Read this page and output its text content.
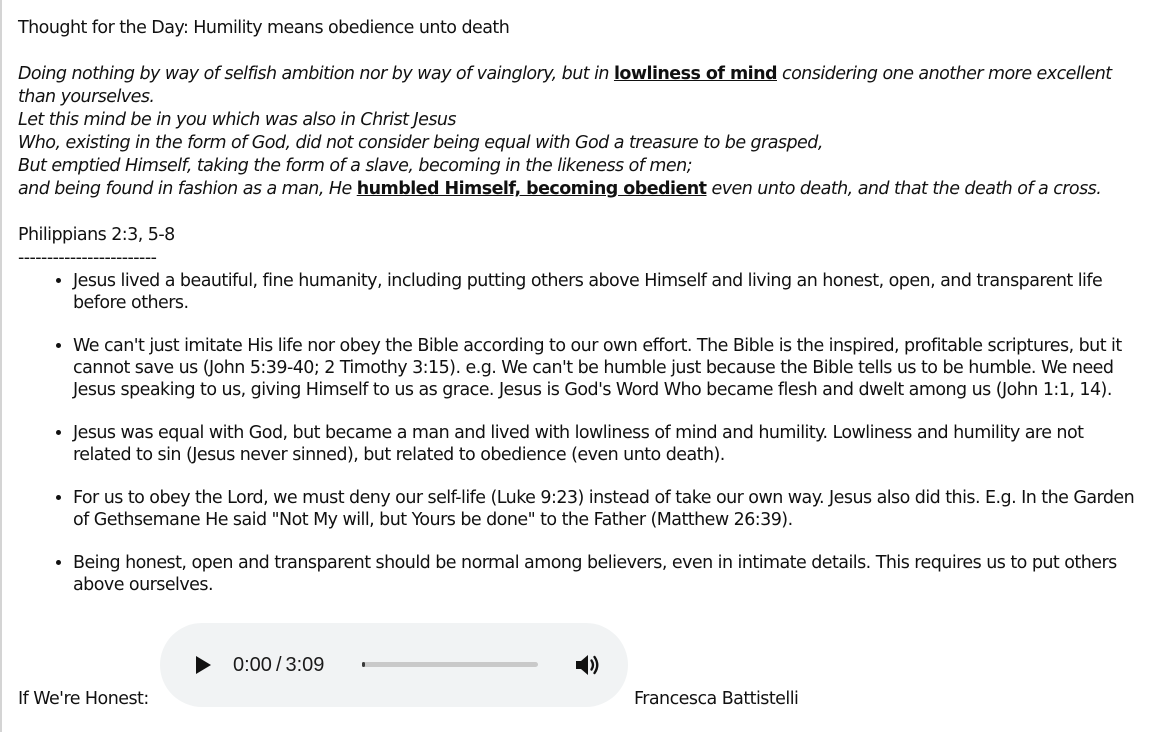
Thought for the Day: Humility means obedience unto death

Doing nothing by way of selfish ambition nor by way of vainglory, but in lowliness of mind considering one another more excellent than yourselves.
Let this mind be in you which was also in Christ Jesus
Who, existing in the form of God, did not consider being equal with God a treasure to be grasped,
But emptied Himself, taking the form of a slave, becoming in the likeness of men;
and being found in fashion as a man, He humbled Himself, becoming obedient even unto death, and that the death of a cross.

Philippians 2:3, 5-8

------------------------

• Jesus lived a beautiful, fine humanity, including putting others above Himself and living an honest, open, and transparent life before others.
• We can't just imitate His life nor obey the Bible according to our own effort. The Bible is the inspired, profitable scriptures, but it cannot save us (John 5:39-40; 2 Timothy 3:15). e.g. We can't be humble just because the Bible tells us to be humble. We need Jesus speaking to us, giving Himself to us as grace. Jesus is God's Word Who became flesh and dwelt among us (John 1:1, 14).
• Jesus was equal with God, but became a man and lived with lowliness of mind and humility. Lowliness and humility are not related to sin (Jesus never sinned), but related to obedience (even unto death).
• For us to obey the Lord, we must deny our self-life (Luke 9:23) instead of take our own way. Jesus also did this. E.g. In the Garden of Gethsemane He said "Not My will, but Yours be done" to the Father (Matthew 26:39).
• Being honest, open and transparent should be normal among believers, even in intimate details. This requires us to put others above ourselves.
If We're Honest:
0:00 / 3:09
Francesca Battistelli
